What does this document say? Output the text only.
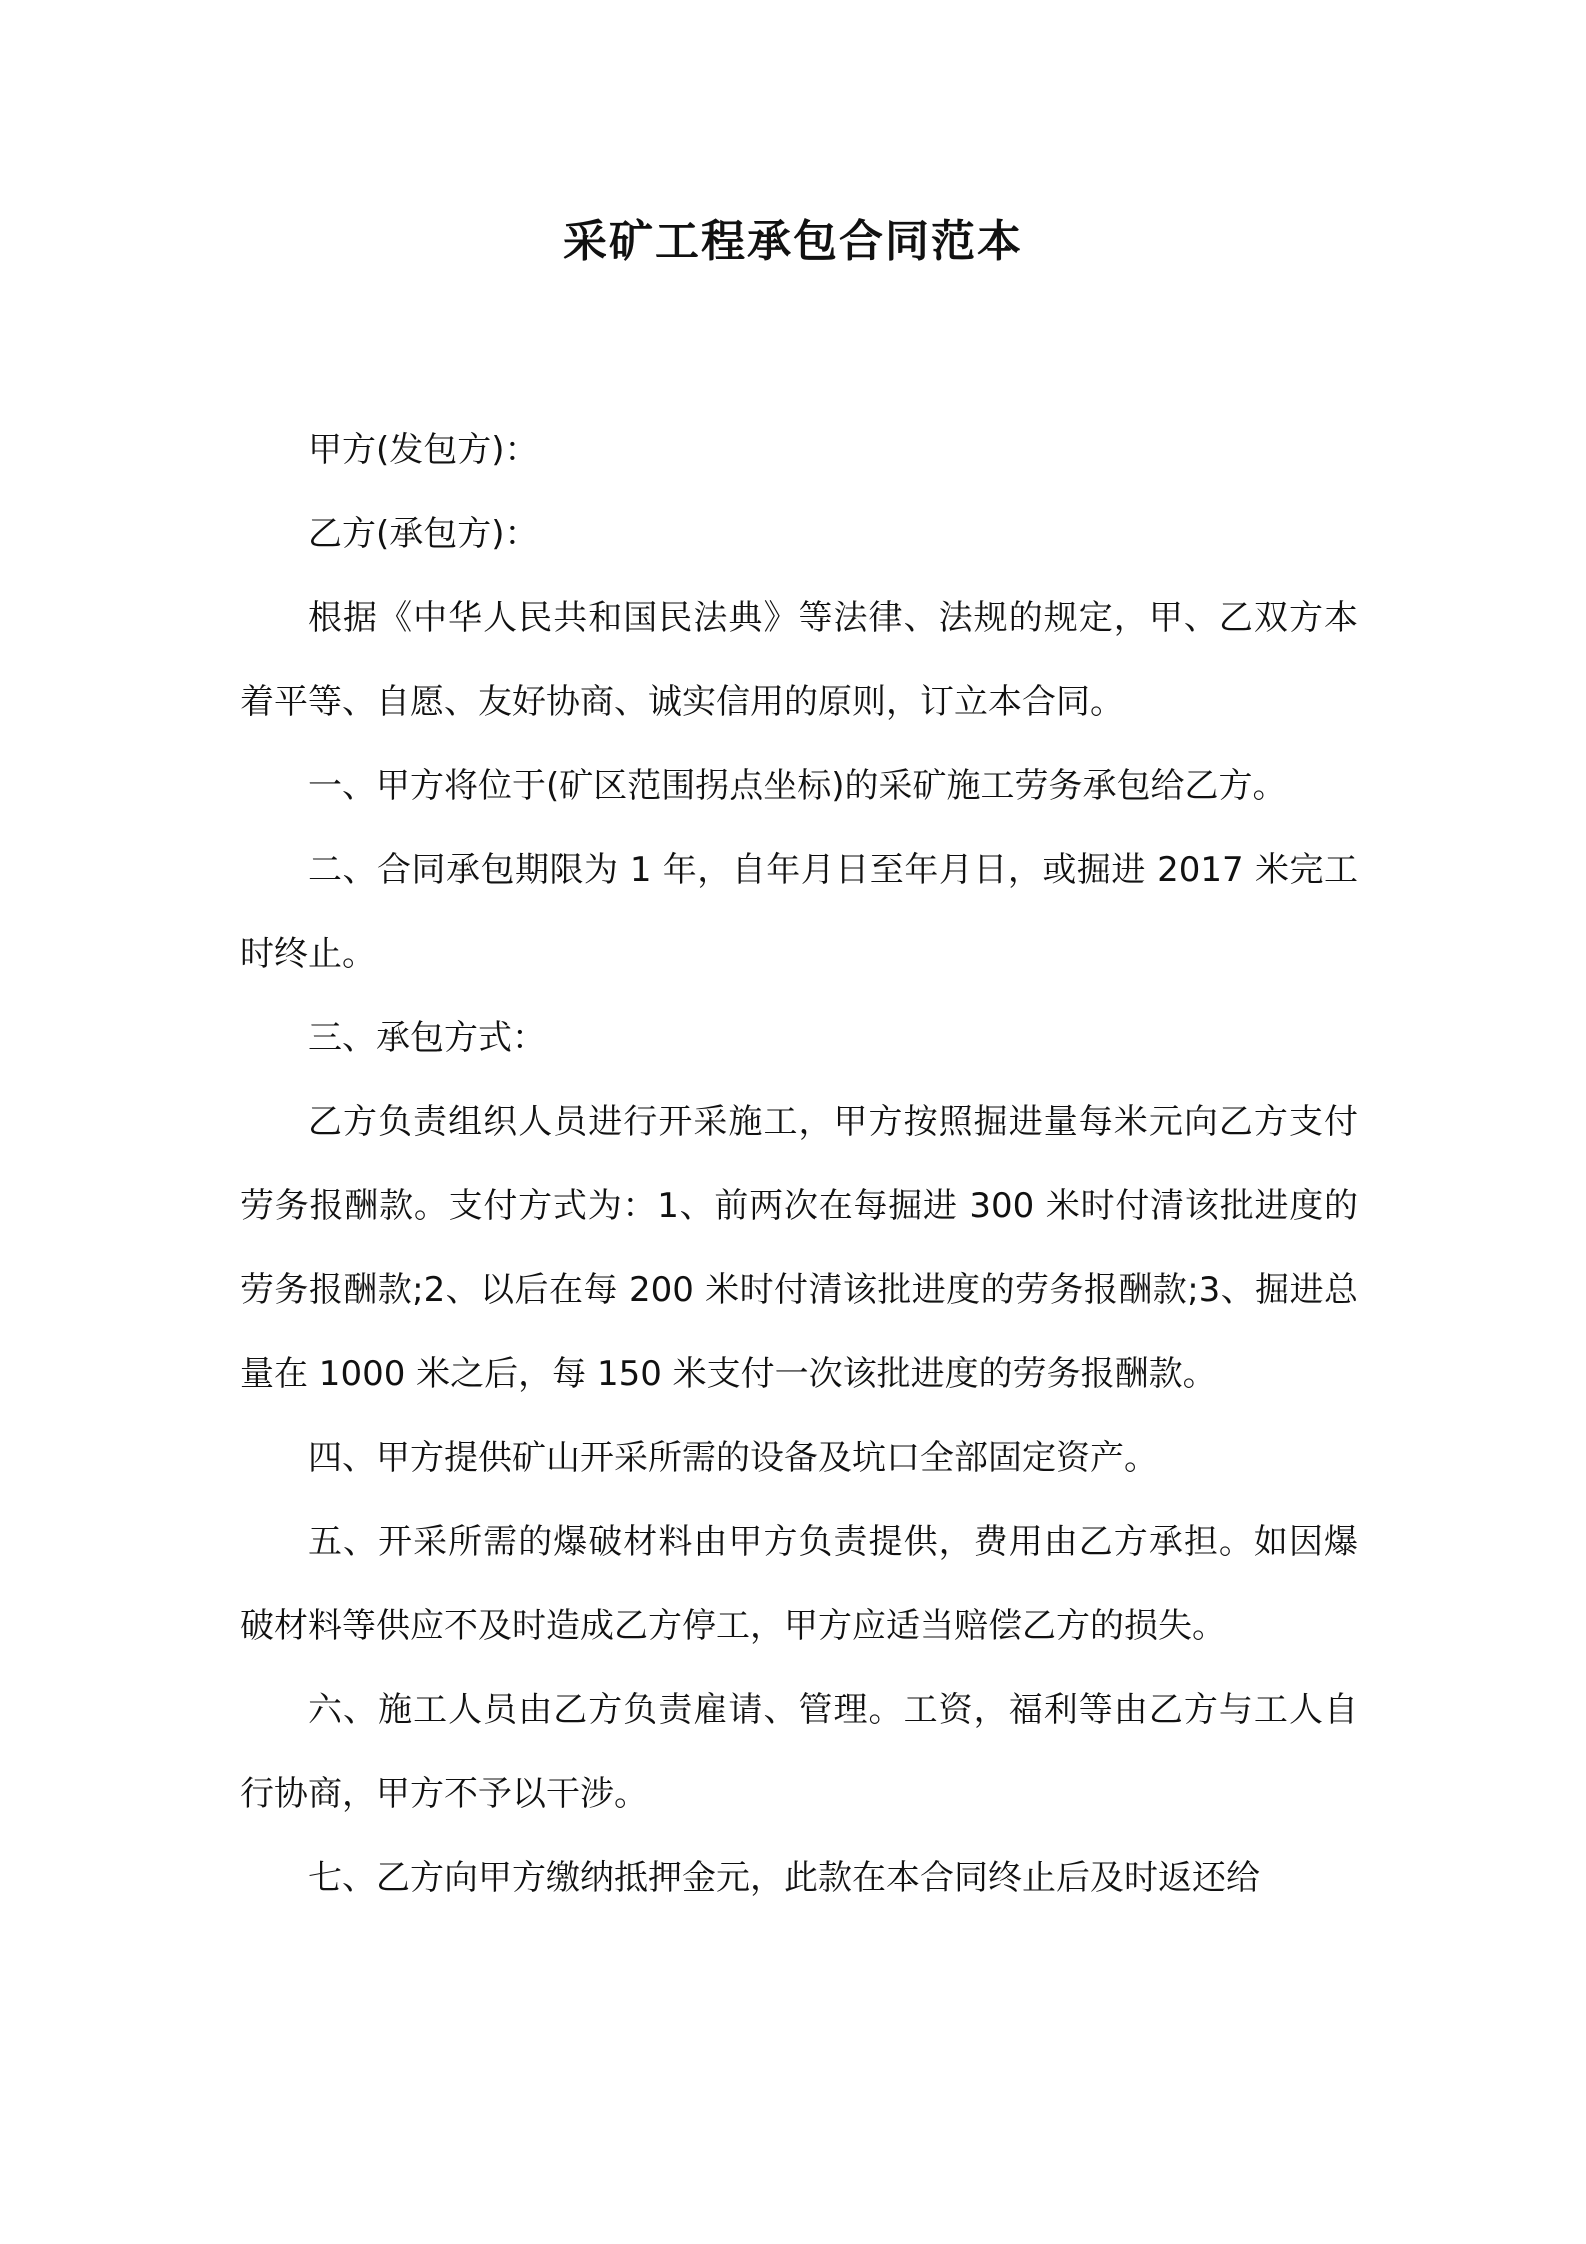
采矿工程承包合同范本

甲方(发包方)：

乙方(承包方)：

根据《中华人民共和国民法典》等法律、法规的规定，甲、乙双方本着平等、自愿、友好协商、诚实信用的原则，订立本合同。

一、甲方将位于(矿区范围拐点坐标)的采矿施工劳务承包给乙方。

二、合同承包期限为 1 年，自年月日至年月日，或掘进 2017 米完工时终止。

三、承包方式：

乙方负责组织人员进行开采施工，甲方按照掘进量每米元向乙方支付劳务报酬款。支付方式为：1、前两次在每掘进 300 米时付清该批进度的劳务报酬款;2、以后在每 200 米时付清该批进度的劳务报酬款;3、掘进总量在 1000 米之后，每 150 米支付一次该批进度的劳务报酬款。

四、甲方提供矿山开采所需的设备及坑口全部固定资产。

五、开采所需的爆破材料由甲方负责提供，费用由乙方承担。如因爆破材料等供应不及时造成乙方停工，甲方应适当赔偿乙方的损失。

六、施工人员由乙方负责雇请、管理。工资，福利等由乙方与工人自行协商，甲方不予以干涉。

七、乙方向甲方缴纳抵押金元，此款在本合同终止后及时返还给
